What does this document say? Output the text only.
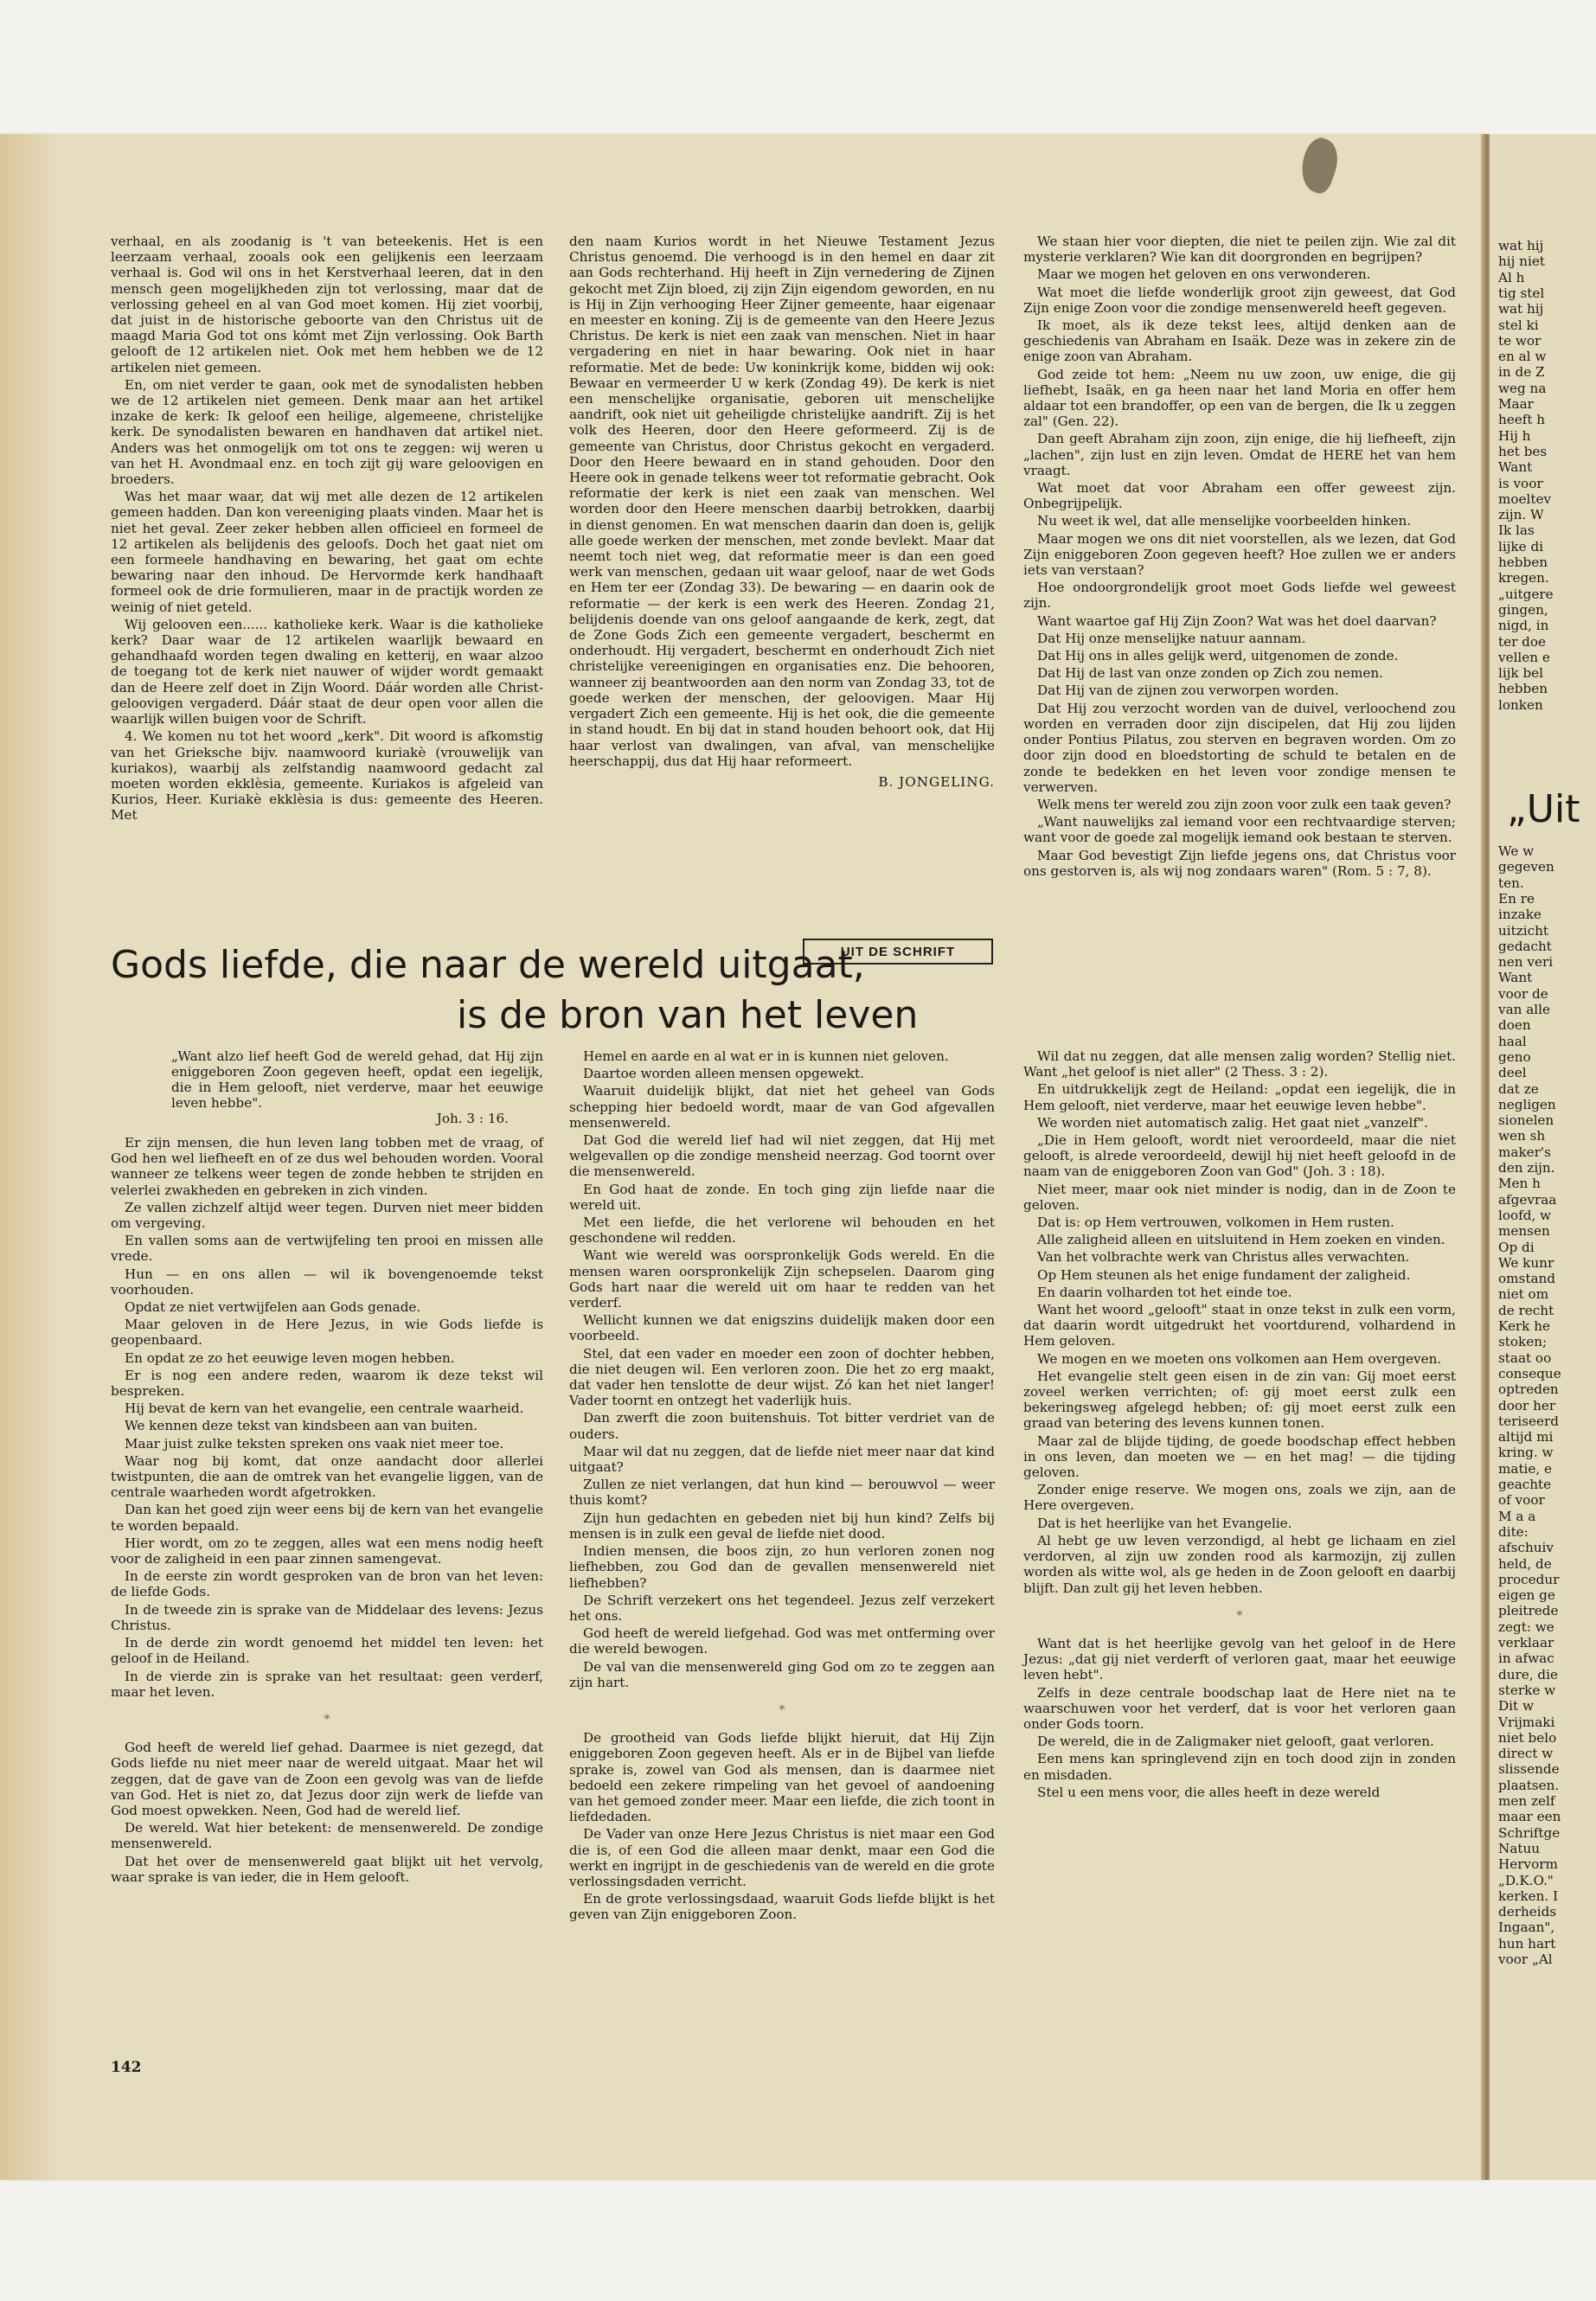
verhaal, en als zoodanig is 't van beteekenis. Het is een leerzaam verhaal, zooals ook een gelijkenis een leerzaam verhaal is. God wil ons in het Kerstverhaal leeren, dat in den mensch geen mogelijkheden zijn tot verlossing, maar dat de verlossing geheel en al van God moet komen. Hij ziet voorbij, dat juist in de historische geboorte van den Christus uit de maagd Maria God tot ons kómt met Zijn verlossing. Ook Barth gelooft de 12 artikelen niet. Ook met hem hebben we de 12 artikelen niet gemeen.

En, om niet verder te gaan, ook met de synodalisten hebben we de 12 artikelen niet gemeen. Denk maar aan het artikel inzake de kerk: Ik geloof een heilige, algemeene, christelijke kerk. De synodalisten bewaren en handhaven dat artikel niet. Anders was het onmogelijk om tot ons te zeggen: wij weren u van het H. Avondmaal enz. en toch zijt gij ware geloovigen en broeders.

Was het maar waar, dat wij met alle dezen de 12 artikelen gemeen hadden. Dan kon vereeniging plaats vinden. Maar het is niet het geval. Zeer zeker hebben allen officieel en formeel de 12 artikelen als belijdenis des geloofs. Doch het gaat niet om een formeele handhaving en bewaring, het gaat om echte bewaring naar den inhoud. De Hervormde kerk handhaaft formeel ook de drie formulieren, maar in de practijk worden ze weinig of niet geteld.

Wij gelooven een...... katholieke kerk. Waar is die katholieke kerk? Daar waar de 12 artikelen waarlijk bewaard en gehandhaafd worden tegen dwaling en ketterij, en waar alzoo de toegang tot de kerk niet nauwer of wijder wordt gemaakt dan de Heere zelf doet in Zijn Woord. Dáár worden alle Christ-geloovigen vergaderd. Dáár staat de deur open voor allen die waarlijk willen buigen voor de Schrift.

4. We komen nu tot het woord „kerk". Dit woord is afkomstig van het Grieksche bijv. naamwoord kuriakè (vrouwelijk van kuriakos), waarbij als zelfstandig naamwoord gedacht zal moeten worden ekklèsia, gemeente. Kuriakos is afgeleid van Kurios, Heer. Kuriakè ekklèsia is dus: gemeente des Heeren. Met

den naam Kurios wordt in het Nieuwe Testament Jezus Christus genoemd. Die verhoogd is in den hemel en daar zit aan Gods rechterhand. Hij heeft in Zijn vernedering de Zijnen gekocht met Zijn bloed, zij zijn Zijn eigendom geworden, en nu is Hij in Zijn verhooging Heer Zijner gemeente, haar eigenaar en meester en koning. Zij is de gemeente van den Heere Jezus Christus. De kerk is niet een zaak van menschen. Niet in haar vergadering en niet in haar bewaring. Ook niet in haar reformatie. Met de bede: Uw koninkrijk kome, bidden wij ook: Bewaar en vermeerder U w kerk (Zondag 49). De kerk is niet een menschelijke organisatie, geboren uit menschelijke aandrift, ook niet uit geheiligde christelijke aandrift. Zij is het volk des Heeren, door den Heere geformeerd. Zij is de gemeente van Christus, door Christus gekocht en vergaderd. Door den Heere bewaard en in stand gehouden. Door den Heere ook in genade telkens weer tot reformatie gebracht. Ook reformatie der kerk is niet een zaak van menschen. Wel worden door den Heere menschen daarbij betrokken, daarbij in dienst genomen. En wat menschen daarin dan doen is, gelijk alle goede werken der menschen, met zonde bevlekt. Maar dat neemt toch niet weg, dat reformatie meer is dan een goed werk van menschen, gedaan uit waar geloof, naar de wet Gods en Hem ter eer (Zondag 33). De bewaring — en daarin ook de reformatie — der kerk is een werk des Heeren. Zondag 21, belijdenis doende van ons geloof aangaande de kerk, zegt, dat de Zone Gods Zich een gemeente vergadert, beschermt en onderhoudt. Hij vergadert, beschermt en onderhoudt Zich niet christelijke vereenigingen en organisaties enz. Die behooren, wanneer zij beantwoorden aan den norm van Zondag 33, tot de goede werken der menschen, der geloovigen. Maar Hij vergadert Zich een gemeente. Hij is het ook, die die gemeente in stand houdt. En bij dat in stand houden behoort ook, dat Hij haar verlost van dwalingen, van afval, van menschelijke heerschappij, dus dat Hij haar reformeert.

B. JONGELING.

We staan hier voor diepten, die niet te peilen zijn. Wie zal dit mysterie verklaren? Wie kan dit doorgronden en begrijpen?

Maar we mogen het geloven en ons verwonderen.

Wat moet die liefde wonderlijk groot zijn geweest, dat God Zijn enige Zoon voor die zondige mensenwereld heeft gegeven.

Ik moet, als ik deze tekst lees, altijd denken aan de geschiedenis van Abraham en Isaäk. Deze was in zekere zin de enige zoon van Abraham.

God zeide tot hem: „Neem nu uw zoon, uw enige, die gij liefhebt, Isaäk, en ga heen naar het land Moria en offer hem aldaar tot een brandoffer, op een van de bergen, die Ik u zeggen zal" (Gen. 22).

Dan geeft Abraham zijn zoon, zijn enige, die hij liefheeft, zijn „lachen", zijn lust en zijn leven. Omdat de HERE het van hem vraagt.

Wat moet dat voor Abraham een offer geweest zijn. Onbegrijpelijk.

Nu weet ik wel, dat alle menselijke voorbeelden hinken.

Maar mogen we ons dit niet voorstellen, als we lezen, dat God Zijn eniggeboren Zoon gegeven heeft? Hoe zullen we er anders iets van verstaan?

Hoe ondoorgrondelijk groot moet Gods liefde wel geweest zijn.

Want waartoe gaf Hij Zijn Zoon? Wat was het doel daarvan?

Dat Hij onze menselijke natuur aannam.

Dat Hij ons in alles gelijk werd, uitgenomen de zonde.

Dat Hij de last van onze zonden op Zich zou nemen.

Dat Hij van de zijnen zou verworpen worden.

Dat Hij zou verzocht worden van de duivel, verloochend zou worden en verraden door zijn discipelen, dat Hij zou lijden onder Pontius Pilatus, zou sterven en begraven worden. Om zo door zijn dood en bloedstorting de schuld te betalen en de zonde te bedekken en het leven voor zondige mensen te verwerven.

Welk mens ter wereld zou zijn zoon voor zulk een taak geven?

„Want nauwelijks zal iemand voor een rechtvaardige sterven; want voor de goede zal mogelijk iemand ook bestaan te sterven.

Maar God bevestigt Zijn liefde jegens ons, dat Christus voor ons gestorven is, als wij nog zondaars waren" (Rom. 5 : 7, 8).

UIT DE SCHRIFT
Gods liefde, die naar de wereld uitgaat,
is de bron van het leven
„Want alzo lief heeft God de wereld gehad, dat Hij zijn eniggeboren Zoon gegeven heeft, opdat een iegelijk, die in Hem gelooft, niet verderve, maar het eeuwige leven hebbe".
Joh. 3 : 16.

Er zijn mensen, die hun leven lang tobben met de vraag, of God hen wel liefheeft en of ze dus wel behouden worden. Vooral wanneer ze telkens weer tegen de zonde hebben te strijden en velerlei zwakheden en gebreken in zich vinden.

Ze vallen zichzelf altijd weer tegen. Durven niet meer bidden om vergeving.

En vallen soms aan de vertwijfeling ten prooi en missen alle vrede.

Hun — en ons allen — wil ik bovengenoemde tekst voorhouden.

Opdat ze niet vertwijfelen aan Gods genade.

Maar geloven in de Here Jezus, in wie Gods liefde is geopenbaard.

En opdat ze zo het eeuwige leven mogen hebben.

Er is nog een andere reden, waarom ik deze tekst wil bespreken.

Hij bevat de kern van het evangelie, een centrale waarheid.

We kennen deze tekst van kindsbeen aan van buiten.

Maar juist zulke teksten spreken ons vaak niet meer toe.

Waar nog bij komt, dat onze aandacht door allerlei twistpunten, die aan de omtrek van het evangelie liggen, van de centrale waarheden wordt afgetrokken.

Dan kan het goed zijn weer eens bij de kern van het evangelie te worden bepaald.

Hier wordt, om zo te zeggen, alles wat een mens nodig heeft voor de zaligheid in een paar zinnen samengevat.

In de eerste zin wordt gesproken van de bron van het leven: de liefde Gods.

In de tweede zin is sprake van de Middelaar des levens: Jezus Christus.

In de derde zin wordt genoemd het middel ten leven: het geloof in de Heiland.

In de vierde zin is sprake van het resultaat: geen verderf, maar het leven.

*

God heeft de wereld lief gehad. Daarmee is niet gezegd, dat Gods liefde nu niet meer naar de wereld uitgaat. Maar het wil zeggen, dat de gave van de Zoon een gevolg was van de liefde van God. Het is niet zo, dat Jezus door zijn werk de liefde van God moest opwekken. Neen, God had de wereld lief.

De wereld. Wat hier betekent: de mensenwereld. De zondige mensenwereld.

Dat het over de mensenwereld gaat blijkt uit het vervolg, waar sprake is van ieder, die in Hem gelooft.

Hemel en aarde en al wat er in is kunnen niet geloven.

Daartoe worden alleen mensen opgewekt.

Waaruit duidelijk blijkt, dat niet het geheel van Gods schepping hier bedoeld wordt, maar de van God afgevallen mensenwereld.

Dat God die wereld lief had wil niet zeggen, dat Hij met welgevallen op die zondige mensheid neerzag. God toornt over die mensenwereld.

En God haat de zonde. En toch ging zijn liefde naar die wereld uit.

Met een liefde, die het verlorene wil behouden en het geschondene wil redden.

Want wie wereld was oorspronkelijk Gods wereld. En die mensen waren oorspronkelijk Zijn schepselen. Daarom ging Gods hart naar die wereld uit om haar te redden van het verderf.

Wellicht kunnen we dat enigszins duidelijk maken door een voorbeeld.

Stel, dat een vader en moeder een zoon of dochter hebben, die niet deugen wil. Een verloren zoon. Die het zo erg maakt, dat vader hen tenslotte de deur wijst. Zó kan het niet langer! Vader toornt en ontzegt het vaderlijk huis.

Dan zwerft die zoon buitenshuis. Tot bitter verdriet van de ouders.

Maar wil dat nu zeggen, dat de liefde niet meer naar dat kind uitgaat?

Zullen ze niet verlangen, dat hun kind — berouwvol — weer thuis komt?

Zijn hun gedachten en gebeden niet bij hun kind? Zelfs bij mensen is in zulk een geval de liefde niet dood.

Indien mensen, die boos zijn, zo hun verloren zonen nog liefhebben, zou God dan de gevallen mensenwereld niet liefhebben?

De Schrift verzekert ons het tegendeel. Jezus zelf verzekert het ons.

God heeft de wereld liefgehad. God was met ontferming over die wereld bewogen.

De val van die mensenwereld ging God om zo te zeggen aan zijn hart.

*

De grootheid van Gods liefde blijkt hieruit, dat Hij Zijn eniggeboren Zoon gegeven heeft. Als er in de Bijbel van liefde sprake is, zowel van God als mensen, dan is daarmee niet bedoeld een zekere rimpeling van het gevoel of aandoening van het gemoed zonder meer. Maar een liefde, die zich toont in liefdedaden.

De Vader van onze Here Jezus Christus is niet maar een God die is, of een God die alleen maar denkt, maar een God die werkt en ingrijpt in de geschiedenis van de wereld en die grote verlossingsdaden verricht.

En de grote verlossingsdaad, waaruit Gods liefde blijkt is het geven van Zijn eniggeboren Zoon.

Wil dat nu zeggen, dat alle mensen zalig worden? Stellig niet. Want „het geloof is niet aller" (2 Thess. 3 : 2).

En uitdrukkelijk zegt de Heiland: „opdat een iegelijk, die in Hem gelooft, niet verderve, maar het eeuwige leven hebbe".

We worden niet automatisch zalig. Het gaat niet „vanzelf".

„Die in Hem gelooft, wordt niet veroordeeld, maar die niet gelooft, is alrede veroordeeld, dewijl hij niet heeft geloofd in de naam van de eniggeboren Zoon van God" (Joh. 3 : 18).

Niet meer, maar ook niet minder is nodig, dan in de Zoon te geloven.

Dat is: op Hem vertrouwen, volkomen in Hem rusten.

Alle zaligheid alleen en uitsluitend in Hem zoeken en vinden.

Van het volbrachte werk van Christus alles verwachten.

Op Hem steunen als het enige fundament der zaligheid.

En daarin volharden tot het einde toe.

Want het woord „gelooft" staat in onze tekst in zulk een vorm, dat daarin wordt uitgedrukt het voortdurend, volhardend in Hem geloven.

We mogen en we moeten ons volkomen aan Hem overgeven.

Het evangelie stelt geen eisen in de zin van: Gij moet eerst zoveel werken verrichten; of: gij moet eerst zulk een bekeringsweg afgelegd hebben; of: gij moet eerst zulk een graad van betering des levens kunnen tonen.

Maar zal de blijde tijding, de goede boodschap effect hebben in ons leven, dan moeten we — en het mag! — die tijding geloven.

Zonder enige reserve. We mogen ons, zoals we zijn, aan de Here overgeven.

Dat is het heerlijke van het Evangelie.

Al hebt ge uw leven verzondigd, al hebt ge lichaam en ziel verdorven, al zijn uw zonden rood als karmozijn, zij zullen worden als witte wol, als ge heden in de Zoon gelooft en daarbij blijft. Dan zult gij het leven hebben.

*

Want dat is het heerlijke gevolg van het geloof in de Here Jezus: „dat gij niet verderft of verloren gaat, maar het eeuwige leven hebt".

Zelfs in deze centrale boodschap laat de Here niet na te waarschuwen voor het verderf, dat is voor het verloren gaan onder Gods toorn.

De wereld, die in de Zaligmaker niet gelooft, gaat verloren.

Een mens kan springlevend zijn en toch dood zijn in zonden en misdaden.

Stel u een mens voor, die alles heeft in deze wereld

142
wat hij
hij niet
Al h
tig stel
wat hij
stel ki
te wor
en al w
in de Z
weg na
Maar
heeft h
Hij h
het bes
Want
is voor
moeltev
zijn. W
Ik las
lijke di
hebben
kregen.
„uitgere
gingen,
nigd, in
ter doe
vellen e
lijk bel
hebben
lonken
We w
gegeven
ten.
En re
inzake
uitzicht
gedacht
nen veri
Want
voor de
van alle
doen
haal
geno
deel
dat ze
negligen
sionelen
wen sh
maker's
den zijn.
Men h
afgevraa
loofd, w
mensen
Op di
We kunr
omstand
niet om
de recht
Kerk he
stoken;
staat oo
conseque
optreden
door her
teriseerd
altijd mi
kring. w
matie, e
geachte
of voor
M a a
dite:
afschuiv
held, de
procedur
eigen ge
pleitrede
zegt: we
verklaar
in afwac
dure, die
sterke w
Dit w
Vrijmaki
niet belo
direct w
slissende
plaatsen.
men zelf
maar een
Schriftge
Natuu
Hervorm
„D.K.O."
kerken. I
derheids
Ingaan",
hun hart
voor „Al
„Uit
